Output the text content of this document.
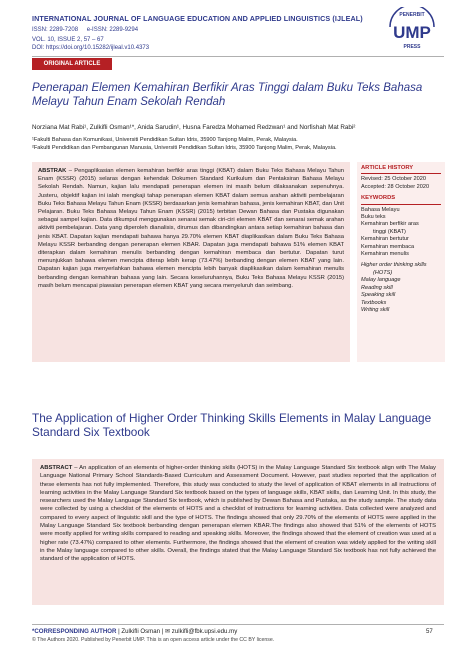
INTERNATIONAL JOURNAL OF LANGUAGE EDUCATION AND APPLIED LINGUISTICS (IJLEAL)
ISSN: 2289-7208 e-ISSN: 2289-9294
VOL. 10, ISSUE 2, 57 – 67
DOI: https://doi.org/10.15282/ijleal.v10.4373
PENERBIT
UMP
PRESS
ORIGINAL ARTICLE
Penerapan Elemen Kemahiran Berfikir Aras Tinggi dalam Buku Teks Bahasa Melayu Tahun Enam Sekolah Rendah
Norziana Mat Rabi¹, Zulkifli Osman¹*, Anida Sarudin¹, Husna Faredza Mohamed Redzwan¹ and Norfishah Mat Rabi²
¹Fakulti Bahasa dan Komunikasi, Universiti Pendidikan Sultan Idris, 35900 Tanjong Malim, Perak, Malaysia.
²Fakulti Pendidikan dan Pembangunan Manusia, Universiti Pendidikan Sultan Idris, 35900 Tanjong Malim, Perak, Malaysia.
ABSTRAK – Pengaplikasian elemen kemahiran berfikir aras tinggi (KBAT) dalam Buku Teks Bahasa Melayu Tahun Enam (KSSR) (2015) selaras dengan kehendak Dokumen Standard Kurikulum dan Pentaksiran Bahasa Melayu Sekolah Rendah. Namun, kajian lalu mendapati penerapan elemen ini masih belum dilaksanakan sepenuhnya. Justeru, objektif kajian ini ialah mengkaji tahap penerapan elemen KBAT dalam semua arahan aktiviti pembelajaran Buku Teks Bahasa Melayu Tahun Enam (KSSR) berdasarkan jenis kemahiran bahasa, jenis kemahiran KBAT, dan Unit Pelajaran. Buku Teks Bahasa Melayu Tahun Enam (KSSR) (2015) terbitan Dewan Bahasa dan Pustaka digunakan sebagai sampel kajian. Data dikumpul menggunakan senarai semak ciri-ciri elemen KBAT dan senarai semak arahan aktiviti pembelajaran. Data yang diperoleh dianalisis, dirumus dan dibandingkan antara setiap kemahiran bahasa dan jenis KBAT. Dapatan kajian mendapati bahawa hanya 29.70% elemen KBAT diaplikasikan dalam Buku Teks Bahasa Melayu KSSR berbanding dengan penerapan elemen KBAR. Dapatan juga mendapati bahawa 51% elemen KBAT diterapkan dalam kemahiran menulis berbanding dengan kemahiran membaca dan bertutur. Dapatan turut menunjukkan bahawa elemen mencipta diterap lebih kerap (73.47%) berbanding dengan elemen KBAT yang lain. Dapatan kajian juga menyerlahkan bahawa elemen mencipta lebih banyak diaplikasikan dalam kemahiran menulis berbanding dengan kemahiran bahasa yang lain. Secara keseluruhannya, Buku Teks Bahasa Melayu KSSR (2015) masih belum mencapai piawaian penerapan elemen KBAT yang secara menyeluruh dan seimbang.
ARTICLE HISTORY
Revised: 25 October 2020
Accepted: 28 October 2020
KEYWORDS
Bahasa Melayu
Buku teks
Kemahiran berfikir aras
tinggi (KBAT)
Kemahiran bertutur
Kemahiran membaca
Kemahiran menulis
Higher order thinking skills
(HOTS)
Malay language
Reading skill
Speaking skill
Textbooks
Writing skill
The Application of Higher Order Thinking Skills Elements in Malay Language Standard Six Textbook
ABSTRACT – An application of an elements of higher-order thinking skills (HOTS) in the Malay Language Standard Six textbook align with The Malay Language National Primary School Standards-Based Curriculum and Assessment Document. However, past studies reported that the application of these elements has not fully implemented. Therefore, this study was conducted to study the level of application of KBAT elements in all instructions of learning activities in the Malay Language Standard Six textbook based on the types of language skills, KBAT skills, dan Learning Unit. In this study, the researchers used the Malay Language Standard Six textbook, which is published by Dewan Bahasa and Pustaka, as the study sample. The study data were collected by using a checklist of the elements of HOTS and a checklist of instructions for learning activities. Data collected were analyzed and compared to every aspect of linguistic skill and the type of HOTS. The findings showed that only 29.70% of the elements of HOTS were applied in the Malay Language Standard Six textbook berbanding dengan penerapan elemen KBAR.The findings also showed that 51% of the elements of HOTS were mostly applied for writing skills compared to reading and speaking skills. Moreover, the findings showed that the element of creation was used at a higher rate (73.47%) compared to other elements. Furthermore, the findings showed that the element of creation was widely applied for the writing skill in the Malay language compared to other skills. Overall, the findings stated that the Malay Language Standard Six textbook has not fully achieved the standard of the application of HOTS.
*CORRESPONDING AUTHOR | Zulkifli Osman | ✉ zulkifli@fbk.upsi.edu.my	57
© The Authors 2020. Published by Penerbit UMP. This is an open access article under the CC BY license.
